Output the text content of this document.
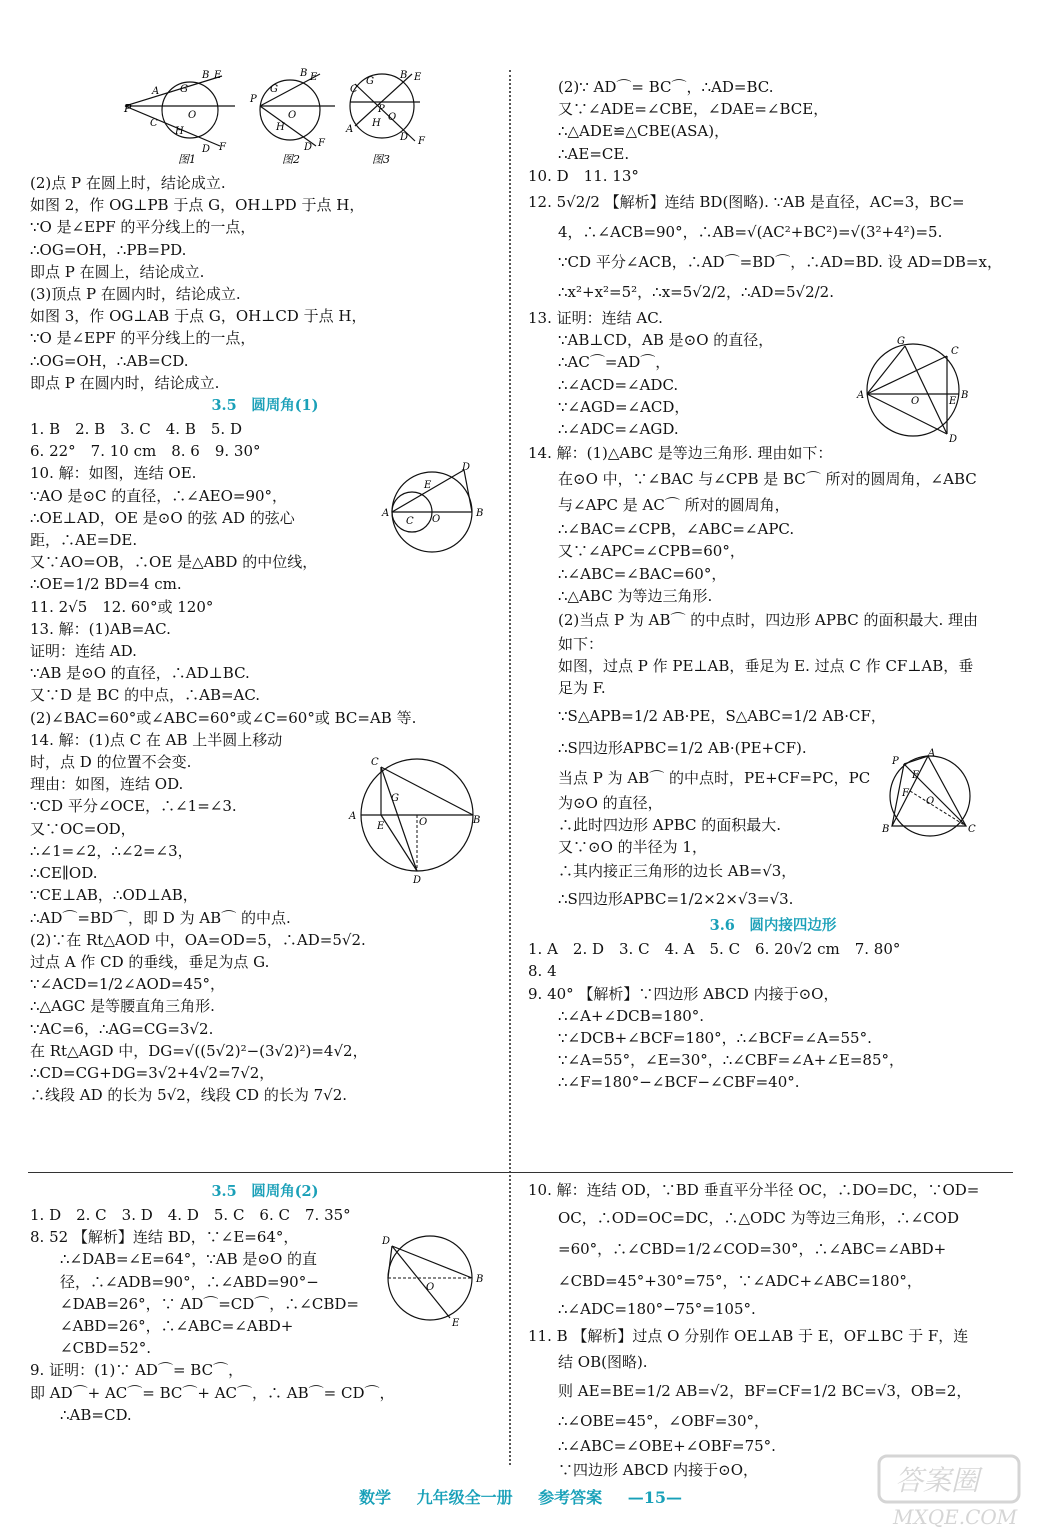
P
A G
B E
O
H
C
D F
P
G
B E
O
H
D F
C
G
B E
P
O
A
H
D F
图1	图2	图3
(2)点 P 在圆上时，结论成立.
如图 2，作 OG⊥PB 于点 G，OH⊥PD 于点 H，
∵O 是∠EPF 的平分线上的一点，
∴OG=OH，∴PB=PD.
即点 P 在圆上，结论成立.
(3)顶点 P 在圆内时，结论成立.
如图 3，作 OG⊥AB 于点 G，OH⊥CD 于点 H，
∵O 是∠EPF 的平分线上的一点，
∴OG=OH，∴AB=CD.
即点 P 在圆内时，结论成立.
3.5　圆周角(1)
1. B　2. B　3. C　4. B　5. D
6. 22°　7. 10 cm　8. 6　9. 30°
10. 解：如图，连结 OE.
∵AO 是⊙C 的直径，∴∠AEO=90°，
∴OE⊥AD，OE 是⊙O 的弦 AD 的弦心
距，∴AE=DE.
又∵AO=OB，∴OE 是△ABD 的中位线，
∴OE=1/2 BD=4 cm.
11. 2√5　12. 60°或 120°
13. 解：(1)AB=AC.
证明：连结 AD.
∵AB 是⊙O 的直径，∴AD⊥BC.
又∵D 是 BC 的中点，∴AB=AC.
(2)∠BAC=60°或∠ABC=60°或∠C=60°或 BC=AB 等.
14. 解：(1)点 C 在 AB 上半圆上移动
时，点 D 的位置不会变.
理由：如图，连结 OD.
∵CD 平分∠OCE，∴∠1=∠3.
又∵OC=OD，
∴∠1=∠2，∴∠2=∠3，
∴CE∥OD.
∵CE⊥AB，∴OD⊥AB，
∴AD⌒=BD⌒，即 D 为 AB⌒ 的中点.
(2)∵在 Rt△AOD 中，OA=OD=5，∴AD=5√2.
过点 A 作 CD 的垂线，垂足为点 G.
∵∠ACD=1/2∠AOD=45°，
∴△AGC 是等腰直角三角形.
∵AC=6，∴AG=CG=3√2.
在 Rt△AGD 中，DG=√((5√2)²−(3√2)²)=4√2，
∴CD=CG+DG=3√2+4√2=7√2，
∴线段 AD 的长为 5√2，线段 CD 的长为 7√2.
A	B
D
E
C O
C
A	B
E	O
D
G
3.5　圆周角(2)
1. D　2. C　3. D　4. D　5. C　6. C　7. 35°
8. 52 【解析】连结 BD，∵∠E=64°，
∴∠DAB=∠E=64°，∵AB 是⊙O 的直
径，∴∠ADB=90°，∴∠ABD=90°−
∠DAB=26°，∵ AD⌒=CD⌒，∴∠CBD=
∠ABD=26°，∴∠ABC=∠ABD+
∠CBD=52°.
9. 证明：(1)∵ AD⌒= BC⌒，
即 AD⌒+ AC⌒= BC⌒+ AC⌒，∴ AB⌒= CD⌒，
∴AB=CD.
D
B
O
E
(2)∵ AD⌒= BC⌒，∴AD=BC.
又∵∠ADE=∠CBE，∠DAE=∠BCE，
∴△ADE≌△CBE(ASA)，
∴AE=CE.
10. D　11. 13°
12. 5√2/2 【解析】连结 BD(图略). ∵AB 是直径，AC=3，BC=
4，∴∠ACB=90°，∴AB=√(AC²+BC²)=√(3²+4²)=5.
∵CD 平分∠ACB，∴AD⌒=BD⌒，∴AD=BD. 设 AD=DB=x，
∴x²+x²=5²，∴x=5√2/2，∴AD=5√2/2.
13. 证明：连结 AC.
∵AB⊥CD，AB 是⊙O 的直径，
∴AC⌒=AD⌒，
∴∠ACD=∠ADC.
∵∠AGD=∠ACD，
∴∠ADC=∠AGD.
14. 解：(1)△ABC 是等边三角形. 理由如下：
在⊙O 中，∵∠BAC 与∠CPB 是 BC⌒ 所对的圆周角，∠ABC
与∠APC 是 AC⌒ 所对的圆周角，
∴∠BAC=∠CPB，∠ABC=∠APC.
又∵∠APC=∠CPB=60°，
∴∠ABC=∠BAC=60°，
∴△ABC 为等边三角形.
(2)当点 P 为 AB⌒ 的中点时，四边形 APBC 的面积最大. 理由
如下：
如图，过点 P 作 PE⊥AB，垂足为 E. 过点 C 作 CF⊥AB，垂
足为 F.
∵S△APB=1/2 AB·PE，S△ABC=1/2 AB·CF，
∴S四边形APBC=1/2 AB·(PE+CF).
当点 P 为 AB⌒ 的中点时，PE+CF=PC，PC
为⊙O 的直径，
∴此时四边形 APBC 的面积最大.
又∵⊙O 的半径为 1，
∴其内接正三角形的边长 AB=√3，
∴S四边形APBC=1/2×2×√3=√3.
3.6　圆内接四边形
1. A　2. D　3. C　4. A　5. C　6. 20√2 cm　7. 80°
8. 4
9. 40° 【解析】∵四边形 ABCD 内接于⊙O，
∴∠A+∠DCB=180°.
∵∠DCB+∠BCF=180°，∴∠BCF=∠A=55°.
∵∠A=55°，∠E=30°，∴∠CBF=∠A+∠E=85°，
∴∠F=180°−∠BCF−∠CBF=40°.
G
C
A	B
O	E
D
P
A
B	C
E
F
O
10. 解：连结 OD，∵BD 垂直平分半径 OC，∴DO=DC，∵OD=
OC，∴OD=OC=DC，∴△ODC 为等边三角形，∴∠COD
=60°，∴∠CBD=1/2∠COD=30°，∴∠ABC=∠ABD+
∠CBD=45°+30°=75°，∵∠ADC+∠ABC=180°，
∴∠ADC=180°−75°=105°.
11. B 【解析】过点 O 分别作 OE⊥AB 于 E，OF⊥BC 于 F，连
结 OB(图略).
则 AE=BE=1/2 AB=√2，BF=CF=1/2 BC=√3，OB=2，
∴∠OBE=45°，∠OBF=30°，
∴∠ABC=∠OBE+∠OBF=75°.
∵四边形 ABCD 内接于⊙O，
数学 九年级全一册 参考答案 —15—
答案圈
MXQE.COM
